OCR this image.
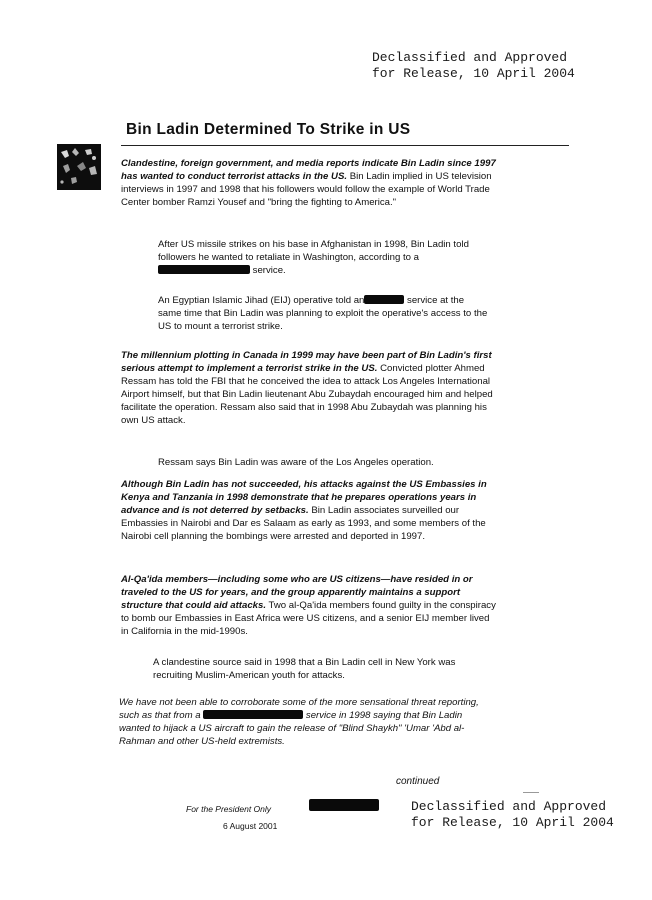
Declassified and Approved
for Release, 10 April 2004
Bin Ladin Determined To Strike in US
Clandestine, foreign government, and media reports indicate Bin Ladin since 1997 has wanted to conduct terrorist attacks in the US. Bin Ladin implied in US television interviews in 1997 and 1998 that his followers would follow the example of World Trade Center bomber Ramzi Yousef and "bring the fighting to America."
After US missile strikes on his base in Afghanistan in 1998, Bin Ladin told followers he wanted to retaliate in Washington, according to a  service.
An Egyptian Islamic Jihad (EIJ) operative told an	service at the same time that Bin Ladin was planning to exploit the operative's access to the US to mount a terrorist strike.
The millennium plotting in Canada in 1999 may have been part of Bin Ladin's first serious attempt to implement a terrorist strike in the US. Convicted plotter Ahmed Ressam has told the FBI that he conceived the idea to attack Los Angeles International Airport himself, but that Bin Ladin lieutenant Abu Zubaydah encouraged him and helped facilitate the operation. Ressam also said that in 1998 Abu Zubaydah was planning his own US attack.
Ressam says Bin Ladin was aware of the Los Angeles operation.
Although Bin Ladin has not succeeded, his attacks against the US Embassies in Kenya and Tanzania in 1998 demonstrate that he prepares operations years in advance and is not deterred by setbacks. Bin Ladin associates surveilled our Embassies in Nairobi and Dar es Salaam as early as 1993, and some members of the Nairobi cell planning the bombings were arrested and deported in 1997.
Al-Qa'ida members—including some who are US citizens—have resided in or traveled to the US for years, and the group apparently maintains a support structure that could aid attacks. Two al-Qa'ida members found guilty in the conspiracy to bomb our Embassies in East Africa were US citizens, and a senior EIJ member lived in California in the mid-1990s.
A clandestine source said in 1998 that a Bin Ladin cell in New York was recruiting Muslim-American youth for attacks.
We have not been able to corroborate some of the more sensational threat reporting, such as that from a	service in 1998 saying that Bin Ladin wanted to hijack a US aircraft to gain the release of "Blind Shaykh" 'Umar 'Abd al-Rahman and other US-held extremists.
continued
For the President Only
6 August 2001
Declassified and Approved
for Release, 10 April 2004
